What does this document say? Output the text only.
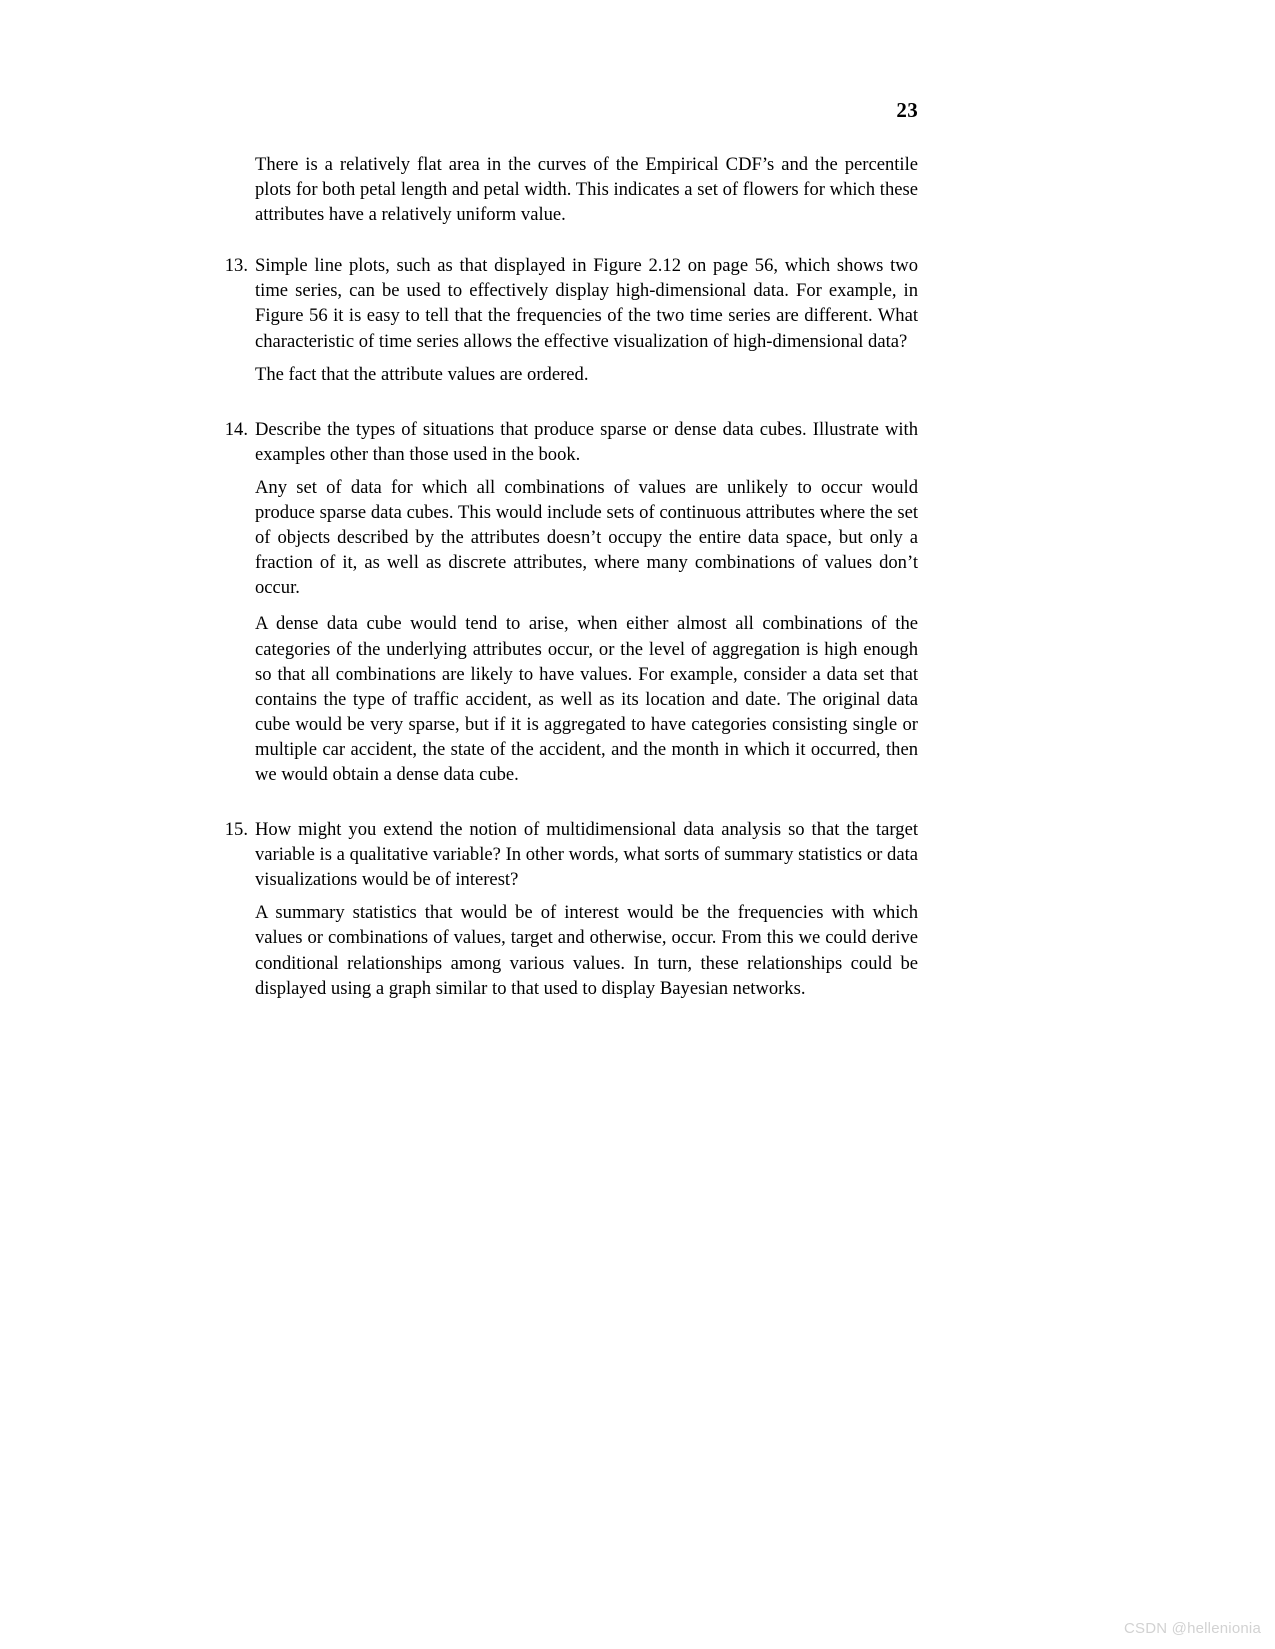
23

There is a relatively flat area in the curves of the Empirical CDF’s and the percentile plots for both petal length and petal width. This indicates a set of flowers for which these attributes have a relatively uniform value.

13. Simple line plots, such as that displayed in Figure 2.12 on page 56, which shows two time series, can be used to effectively display high-dimensional data. For example, in Figure 56 it is easy to tell that the frequencies of the two time series are different. What characteristic of time series allows the effective visualization of high-dimensional data?

The fact that the attribute values are ordered.

14. Describe the types of situations that produce sparse or dense data cubes. Illustrate with examples other than those used in the book.

Any set of data for which all combinations of values are unlikely to occur would produce sparse data cubes. This would include sets of continuous attributes where the set of objects described by the attributes doesn’t occupy the entire data space, but only a fraction of it, as well as discrete attributes, where many combinations of values don’t occur.

A dense data cube would tend to arise, when either almost all combinations of the categories of the underlying attributes occur, or the level of aggregation is high enough so that all combinations are likely to have values. For example, consider a data set that contains the type of traffic accident, as well as its location and date. The original data cube would be very sparse, but if it is aggregated to have categories consisting single or multiple car accident, the state of the accident, and the month in which it occurred, then we would obtain a dense data cube.

15. How might you extend the notion of multidimensional data analysis so that the target variable is a qualitative variable? In other words, what sorts of summary statistics or data visualizations would be of interest?

A summary statistics that would be of interest would be the frequencies with which values or combinations of values, target and otherwise, occur. From this we could derive conditional relationships among various values. In turn, these relationships could be displayed using a graph similar to that used to display Bayesian networks.

CSDN @hellenionia
